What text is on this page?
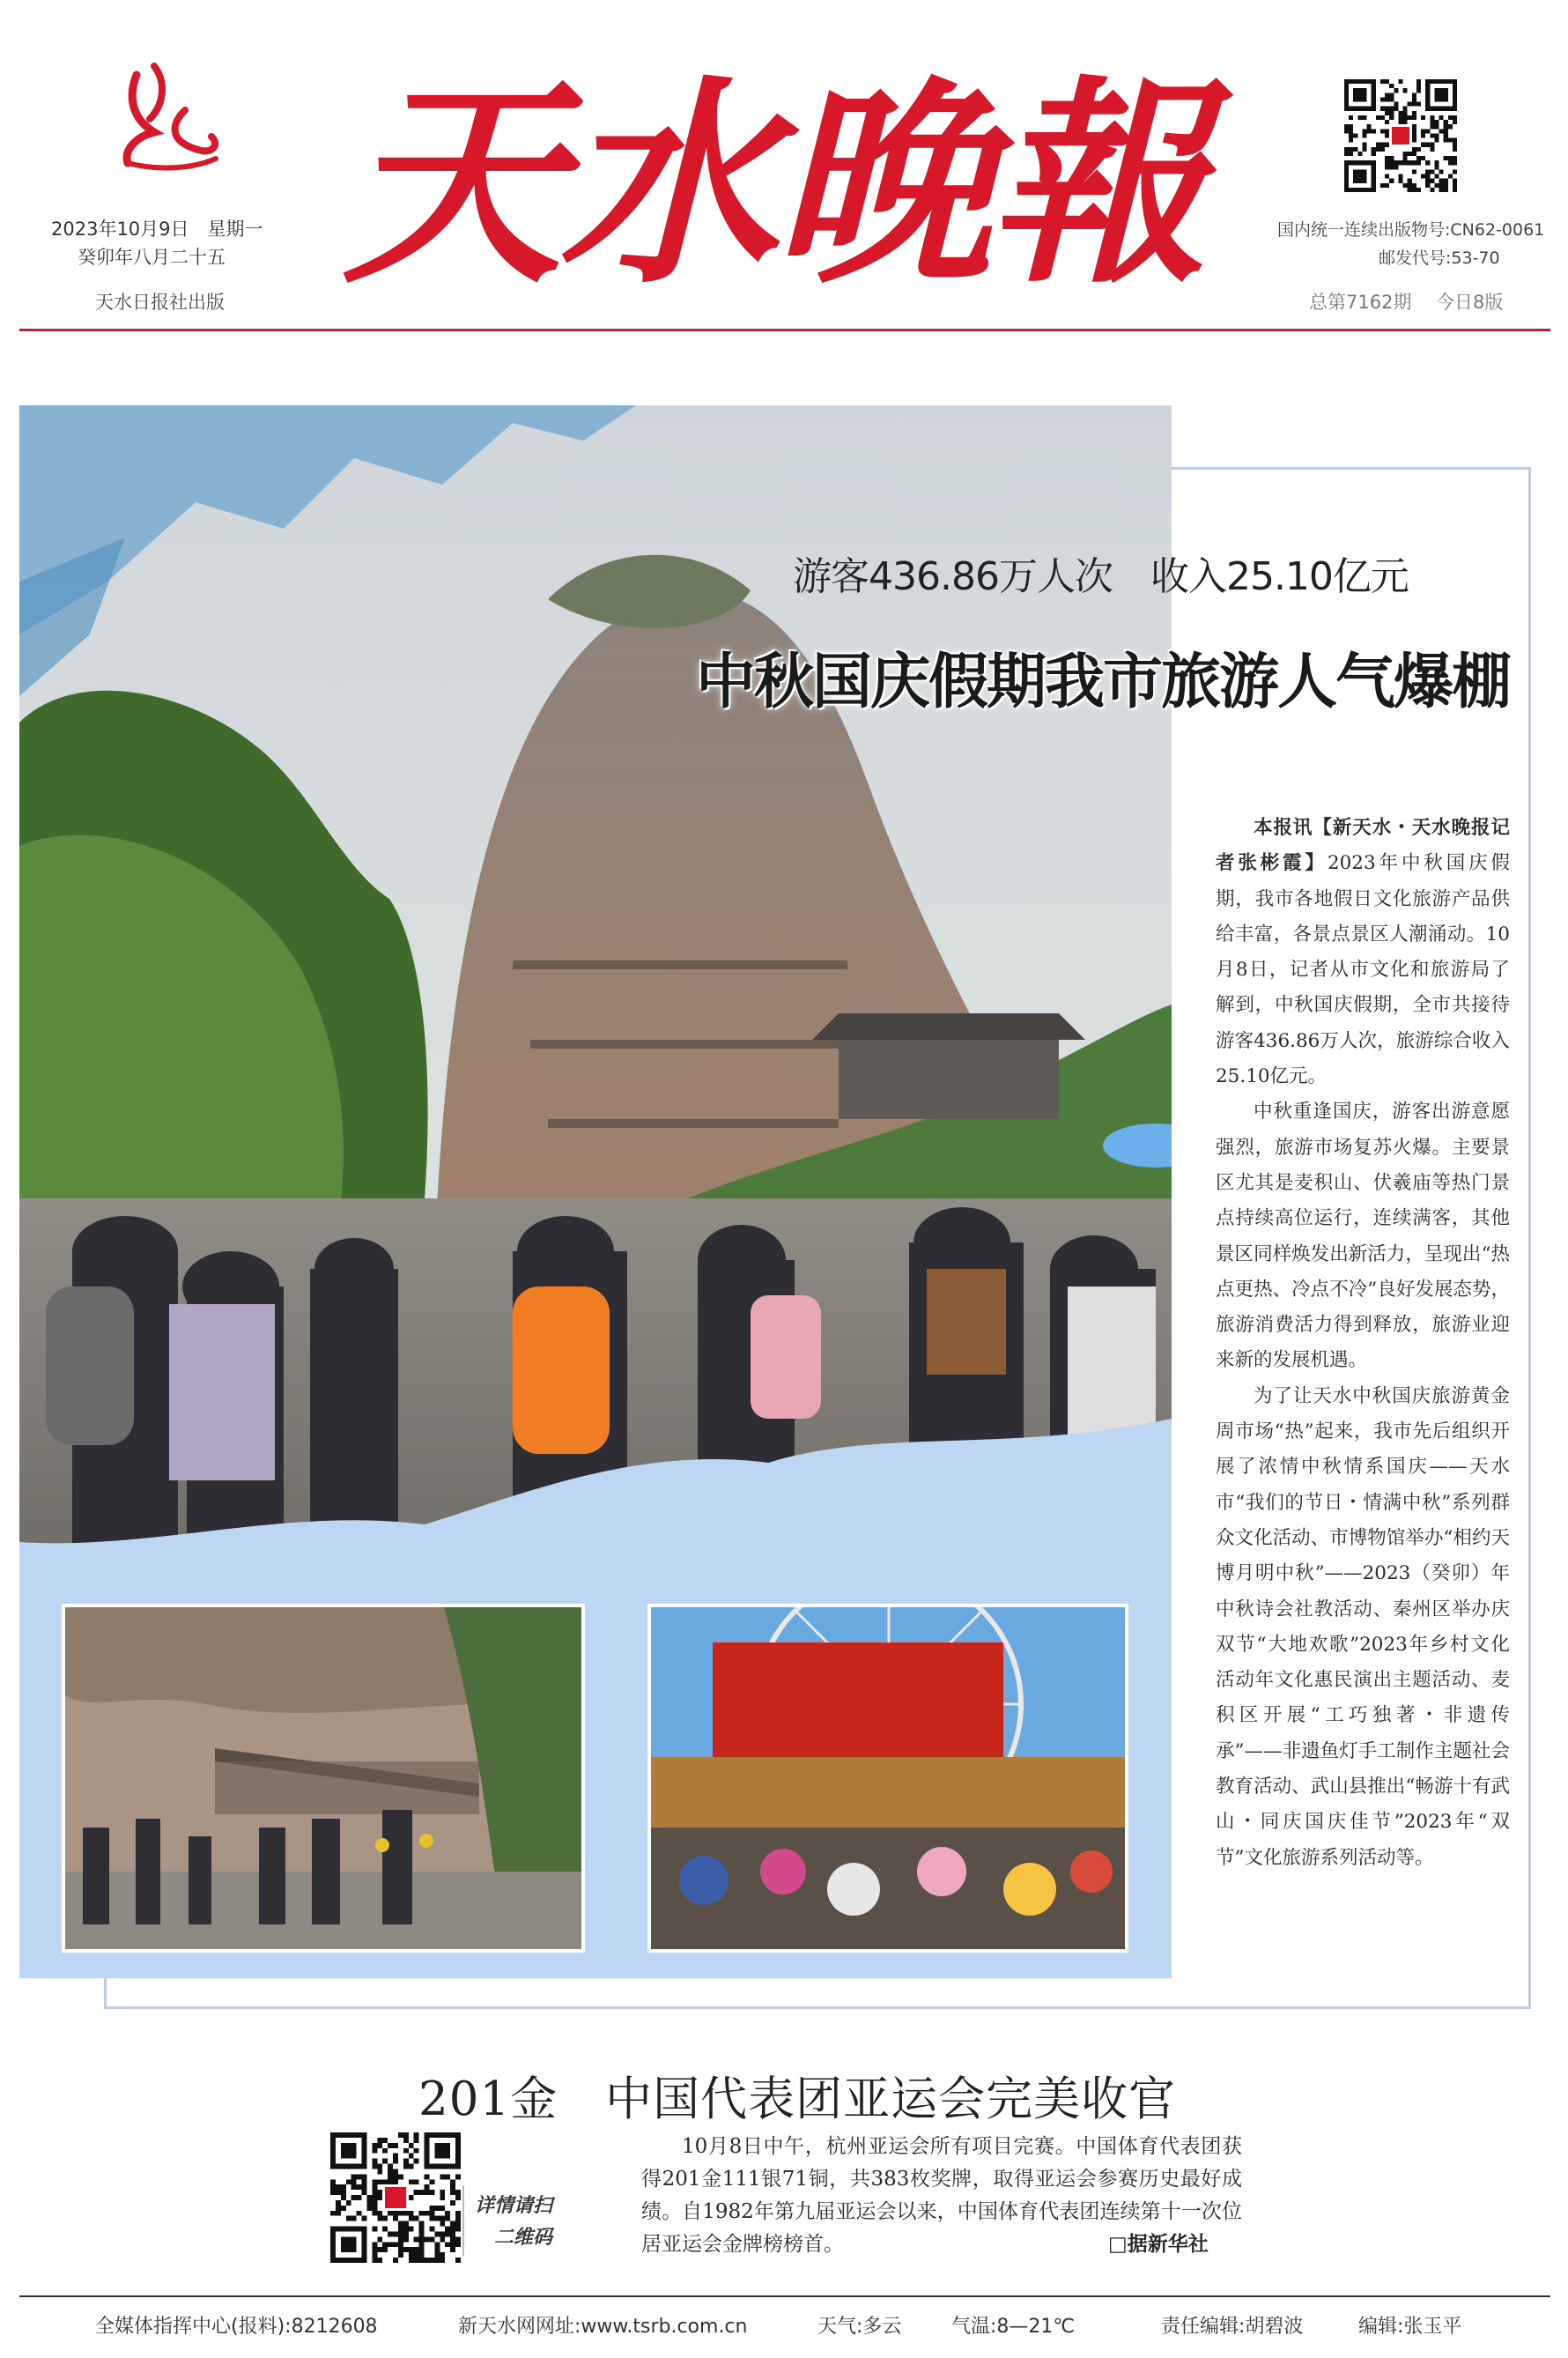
天水晚報
2023年10月9日　星期一
癸卯年八月二十五
天水日报社出版
国内统一连续出版物号:CN62-0061
邮发代号:53-70
总第7162期 今日8版
游客436.86万人次　收入25.10亿元
中秋国庆假期我市旅游人气爆棚

本报讯【新天水・天水晚报记者张彬霞】2023年中秋国庆假期，我市各地假日文化旅游产品供给丰富，各景点景区人潮涌动。10月8日，记者从市文化和旅游局了解到，中秋国庆假期，全市共接待游客436.86万人次，旅游综合收入25.10亿元。

中秋重逢国庆，游客出游意愿强烈，旅游市场复苏火爆。主要景区尤其是麦积山、伏羲庙等热门景点持续高位运行，连续满客，其他景区同样焕发出新活力，呈现出“热点更热、冷点不冷”良好发展态势，旅游消费活力得到释放，旅游业迎来新的发展机遇。

为了让天水中秋国庆旅游黄金周市场“热”起来，我市先后组织开展了浓情中秋情系国庆——天水市“我们的节日・情满中秋”系列群众文化活动、市博物馆举办“相约天博月明中秋”——2023（癸卯）年中秋诗会社教活动、秦州区举办庆双节“大地欢歌”2023年乡村文化活动年文化惠民演出主题活动、麦积区开展“工巧独著・非遗传承”——非遗鱼灯手工制作主题社会教育活动、武山县推出“畅游十有武山・同庆国庆佳节”2023年“双节”文化旅游系列活动等。

201金　中国代表团亚运会完美收官
详情请扫
二维码

10月8日中午，杭州亚运会所有项目完赛。中国体育代表团获得201金111银71铜，共383枚奖牌，取得亚运会参赛历史最好成绩。自1982年第九届亚运会以来，中国体育代表团连续第十一次位居亚运会金牌榜榜首。	□据新华社
全媒体指挥中心(报料):8212608	新天水网网址:www.tsrb.com.cn	天气:多云	气温:8—21℃	责任编辑:胡碧波	编辑:张玉平
